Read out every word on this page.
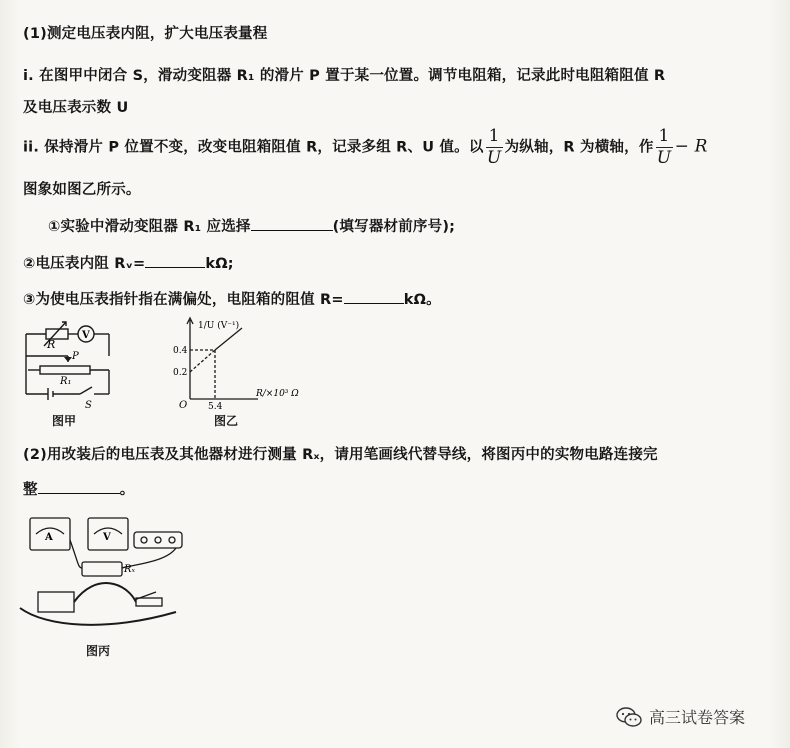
(1)测定电压表内阻，扩大电压表量程
i. 在图甲中闭合 S，滑动变阻器 R₁ 的滑片 P 置于某一位置。调节电阻箱，记录此时电阻箱阻值 R
及电压表示数 U
ii. 保持滑片 P 位置不变，改变电阻箱阻值 R，记录多组 R、U 值。以 $\frac{1}{U}$ 为纵轴，R 为横轴，作 $\frac{1}{U} - R$
图象如图乙所示。
①实验中滑动变阻器 R₁ 应选择	(填写器材前序号);
②电压表内阻 Rᵥ=	kΩ;
③为使电压表指针指在满偏处，电阻箱的阻值 R=	kΩ。
R
V
P
R₁
S
图甲
1/U (V⁻¹)
0.4
0.2
O 5.4
R/×10³ Ω
图乙
(2)用改装后的电压表及其他器材进行测量 Rₓ，请用笔画线代替导线，将图丙中的实物电路连接完
整	。
A	V
Rₓ
图丙
高三试卷答案
